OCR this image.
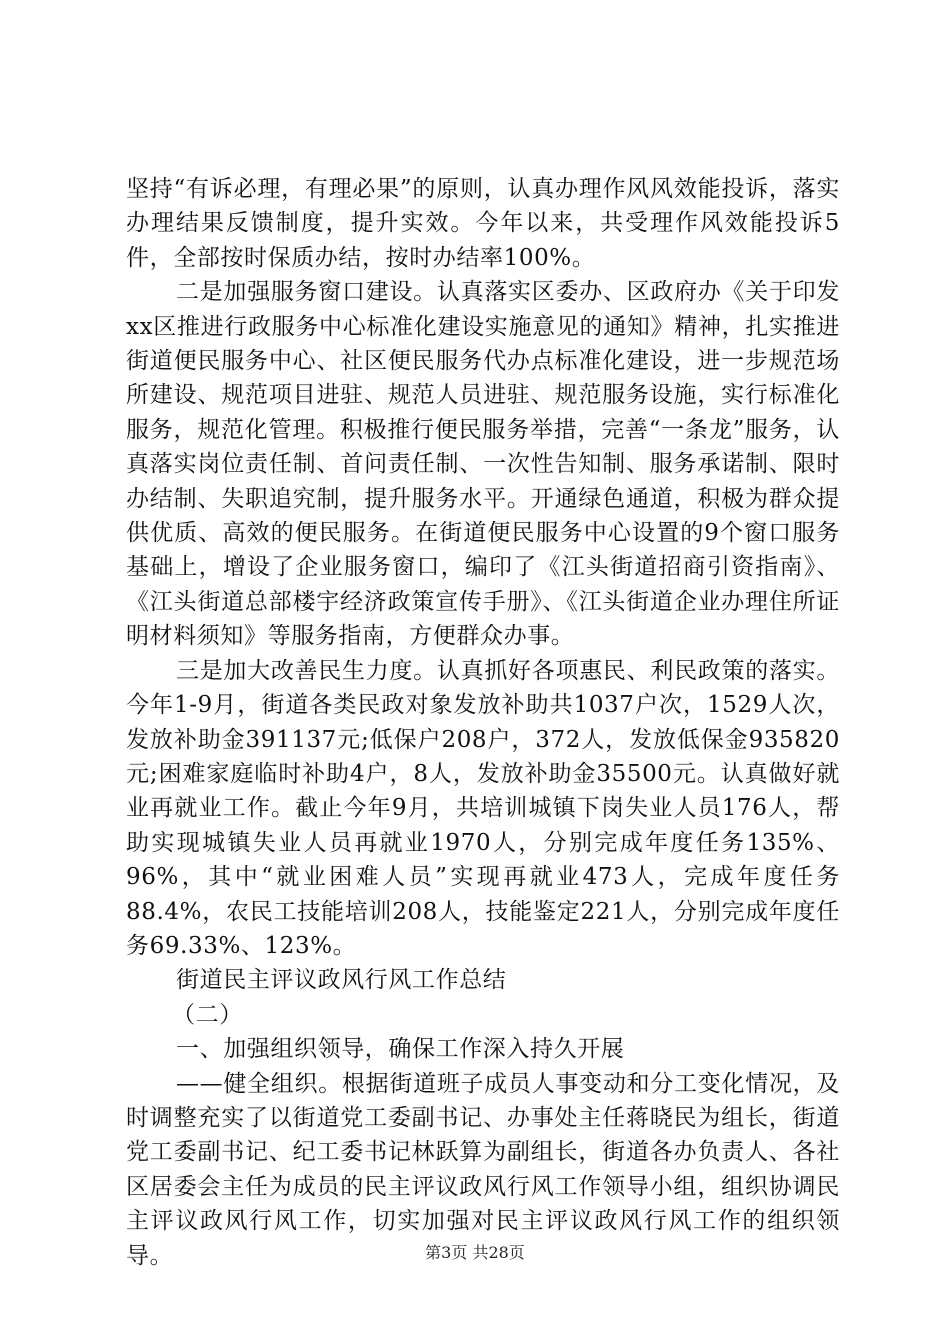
坚持“有诉必理，有理必果”的原则，认真办理作风风效能投诉，落实办理结果反馈制度，提升实效。今年以来，共受理作风效能投诉5件，全部按时保质办结，按时办结率100%。

二是加强服务窗口建设。认真落实区委办、区政府办《关于印发xx区推进行政服务中心标准化建设实施意见的通知》精神，扎实推进街道便民服务中心、社区便民服务代办点标准化建设，进一步规范场所建设、规范项目进驻、规范人员进驻、规范服务设施，实行标准化服务，规范化管理。积极推行便民服务举措，完善“一条龙”服务，认真落实岗位责任制、首问责任制、一次性告知制、服务承诺制、限时办结制、失职追究制，提升服务水平。开通绿色通道，积极为群众提供优质、高效的便民服务。在街道便民服务中心设置的9个窗口服务基础上，增设了企业服务窗口，编印了《江头街道招商引资指南》、《江头街道总部楼宇经济政策宣传手册》、《江头街道企业办理住所证明材料须知》等服务指南，方便群众办事。

三是加大改善民生力度。认真抓好各项惠民、利民政策的落实。今年1-9月，街道各类民政对象发放补助共1037户次，1529人次，发放补助金391137元;低保户208户，372人，发放低保金935820元;困难家庭临时补助4户，8人，发放补助金35500元。认真做好就业再就业工作。截止今年9月，共培训城镇下岗失业人员176人，帮助实现城镇失业人员再就业1970人，分别完成年度任务135%、96%，其中“就业困难人员”实现再就业473人，完成年度任务88.4%，农民工技能培训208人，技能鉴定221人，分别完成年度任务69.33%、123%。

街道民主评议政风行风工作总结

（二）

一、加强组织领导，确保工作深入持久开展

——健全组织。根据街道班子成员人事变动和分工变化情况，及时调整充实了以街道党工委副书记、办事处主任蒋晓民为组长，街道党工委副书记、纪工委书记林跃算为副组长，街道各办负责人、各社区居委会主任为成员的民主评议政风行风工作领导小组，组织协调民主评议政风行风工作，切实加强对民主评议政风行风工作的组织领导。	第3页 共28页
